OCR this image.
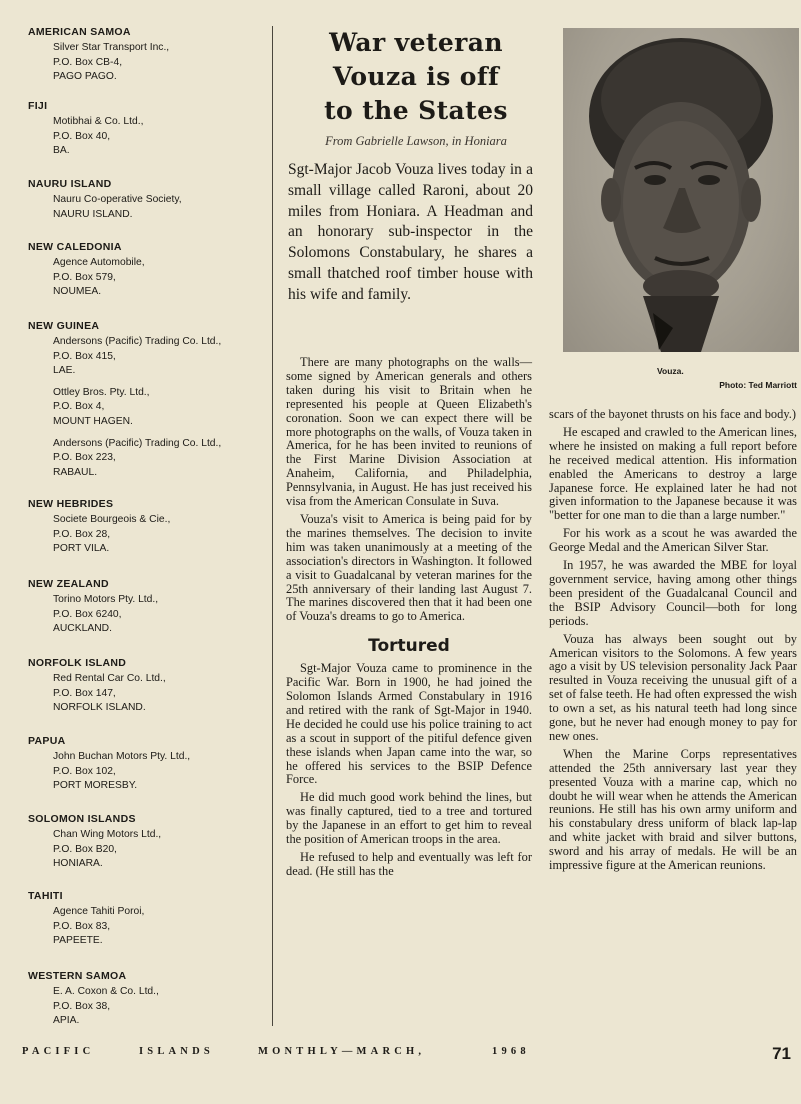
AMERICAN SAMOA
Silver Star Transport Inc.,
P.O. Box CB-4,
PAGO PAGO.
FIJI
Motibhai & Co. Ltd.,
P.O. Box 40,
BA.
NAURU ISLAND
Nauru Co-operative Society,
NAURU ISLAND.
NEW CALEDONIA
Agence Automobile,
P.O. Box 579,
NOUMEA.
NEW GUINEA
Andersons (Pacific) Trading Co. Ltd.,
P.O. Box 415,
LAE.
Ottley Bros. Pty. Ltd.,
P.O. Box 4,
MOUNT HAGEN.
Andersons (Pacific) Trading Co. Ltd.,
P.O. Box 223,
RABAUL.
NEW HEBRIDES
Societe Bourgeois & Cie.,
P.O. Box 28,
PORT VILA.
NEW ZEALAND
Torino Motors Pty. Ltd.,
P.O. Box 6240,
AUCKLAND.
NORFOLK ISLAND
Red Rental Car Co. Ltd.,
P.O. Box 147,
NORFOLK ISLAND.
PAPUA
John Buchan Motors Pty. Ltd.,
P.O. Box 102,
PORT MORESBY.
SOLOMON ISLANDS
Chan Wing Motors Ltd.,
P.O. Box B20,
HONIARA.
TAHITI
Agence Tahiti Poroi,
P.O. Box 83,
PAPEETE.
WESTERN SAMOA
E. A. Coxon & Co. Ltd.,
P.O. Box 38,
APIA.
War veteran
Vouza is off
to the States
From Gabrielle Lawson, in Honiara
Sgt-Major Jacob Vouza lives today in a small village called Raroni, about 20 miles from Honiara. A Headman and an honorary sub-inspector in the Solomons Constabulary, he shares a small thatched roof timber house with his wife and family.

There are many photographs on the walls—some signed by American generals and others taken during his visit to Britain when he represented his people at Queen Elizabeth's coronation. Soon we can expect there will be more photographs on the walls, of Vouza taken in America, for he has been invited to reunions of the First Marine Division Association at Anaheim, California, and Philadelphia, Pennsylvania, in August. He has just received his visa from the American Consulate in Suva.

Vouza's visit to America is being paid for by the marines themselves. The decision to invite him was taken unanimously at a meeting of the association's directors in Washington. It followed a visit to Guadalcanal by veteran marines for the 25th anniversary of their landing last August 7. The marines discovered then that it had been one of Vouza's dreams to go to America.

Tortured

Sgt-Major Vouza came to prominence in the Pacific War. Born in 1900, he had joined the Solomon Islands Armed Constabulary in 1916 and retired with the rank of Sgt-Major in 1940. He decided he could use his police training to act as a scout in support of the pitiful defence given these islands when Japan came into the war, so he offered his services to the BSIP Defence Force.

He did much good work behind the lines, but was finally captured, tied to a tree and tortured by the Japanese in an effort to get him to reveal the position of American troops in the area.

He refused to help and eventually was left for dead. (He still has the

Vouza.
Photo: Ted Marriott

scars of the bayonet thrusts on his face and body.)

He escaped and crawled to the American lines, where he insisted on making a full report before he received medical attention. His information enabled the Americans to destroy a large Japanese force. He explained later he had not given information to the Japanese because it was "better for one man to die than a large number."

For his work as a scout he was awarded the George Medal and the American Silver Star.

In 1957, he was awarded the MBE for loyal government service, having among other things been president of the Guadalcanal Council and the BSIP Advisory Council—both for long periods.

Vouza has always been sought out by American visitors to the Solomons. A few years ago a visit by US television personality Jack Paar resulted in Vouza receiving the unusual gift of a set of false teeth. He had often expressed the wish to own a set, as his natural teeth had long since gone, but he never had enough money to pay for new ones.

When the Marine Corps representatives attended the 25th anniversary last year they presented Vouza with a marine cap, which no doubt he will wear when he attends the American reunions. He still has his own army uniform and his constabulary dress uniform of black lap-lap and white jacket with braid and silver buttons, sword and his array of medals. He will be an impressive figure at the American reunions.

PACIFIC	ISLANDS	MONTHLY—MARCH,	1968	71
